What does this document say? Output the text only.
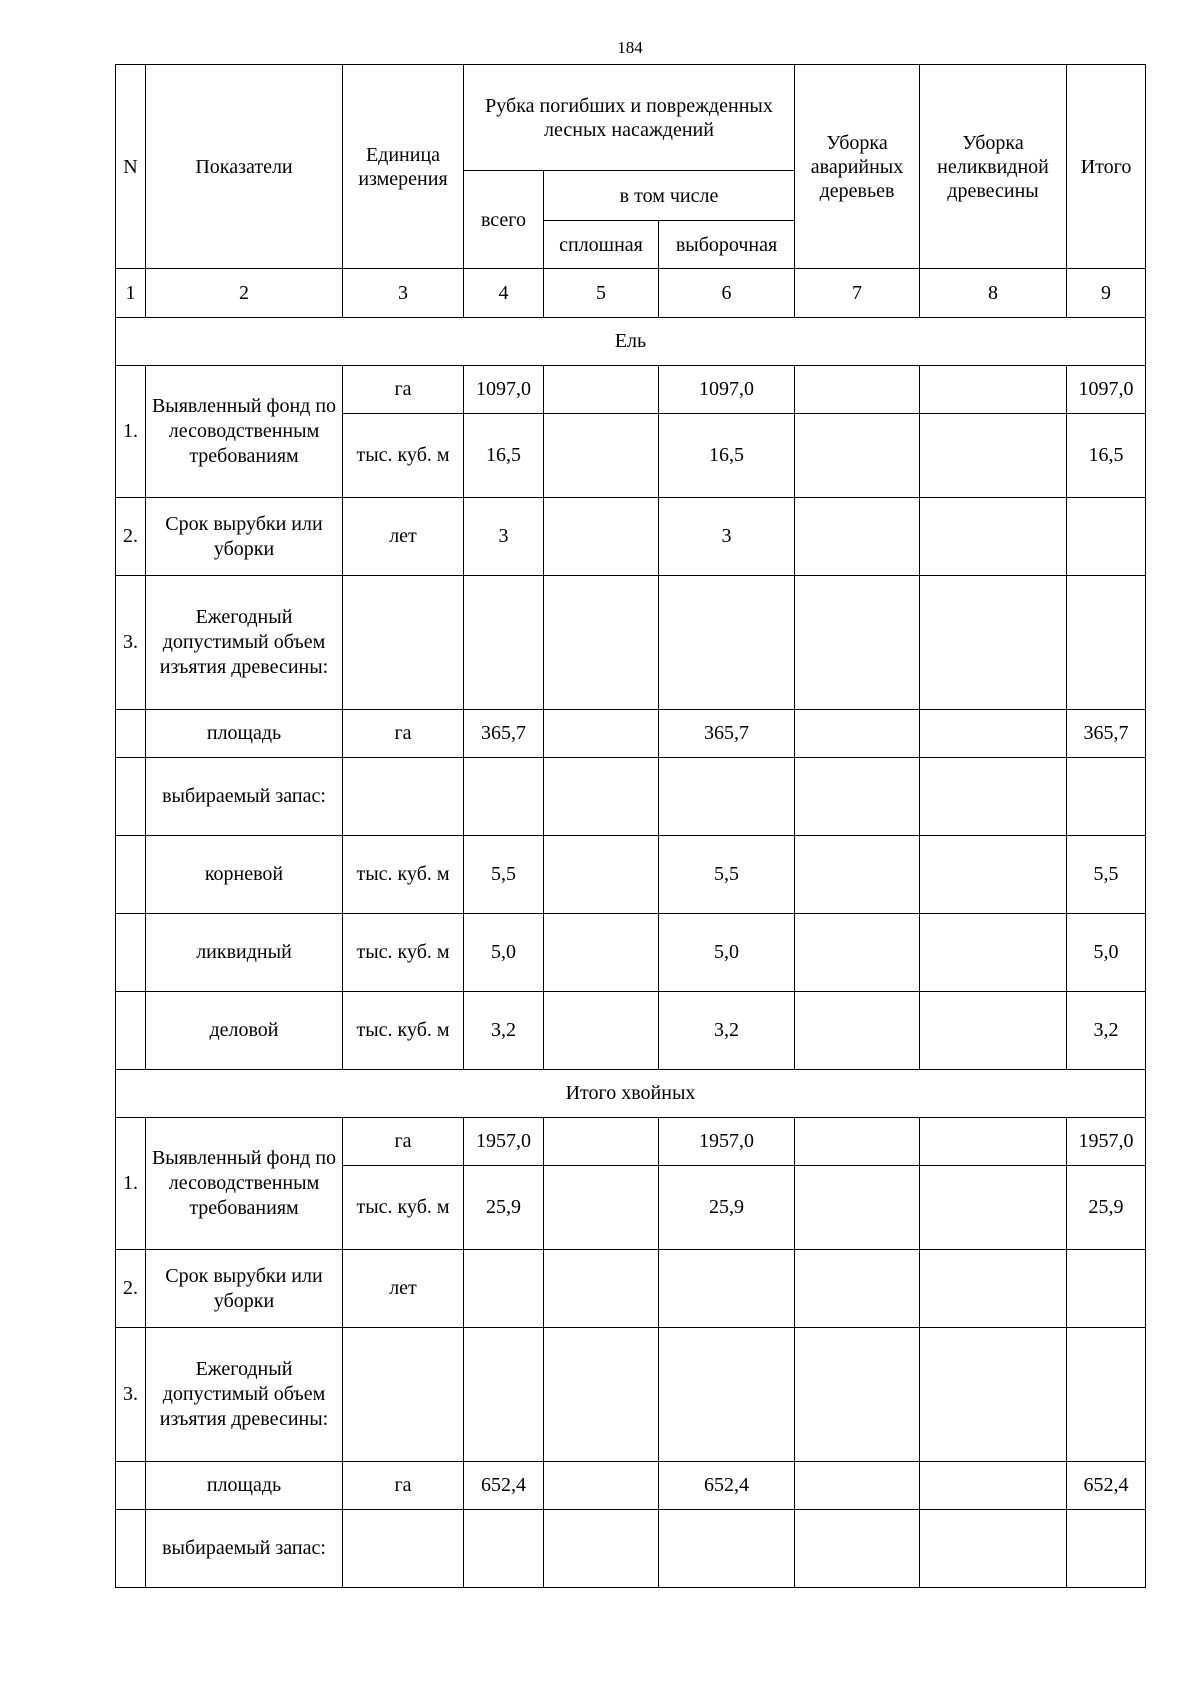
184
N	Показатели	Единица измерения	Рубка погибших и поврежденных лесных насаждений			Уборка аварийных деревьев	Уборка неликвидной древесины	Итого
			всего	в том числе				
				сплошная	выборочная			
1	2	3	4	5	6	7	8	9
Ель								
1.	Выявленный фонд по лесоводственным требованиям	га	1097,0		1097,0			1097,0
		тыс. куб. м	16,5		16,5			16,5
2.	Срок вырубки или уборки	лет	3		3			
3.	Ежегодный допустимый объем изъятия древесины:							
	площадь	га	365,7		365,7			365,7
	выбираемый запас:							
	корневой	тыс. куб. м	5,5		5,5			5,5
	ликвидный	тыс. куб. м	5,0		5,0			5,0
	деловой	тыс. куб. м	3,2		3,2			3,2
Итого хвойных								
1.	Выявленный фонд по лесоводственным требованиям	га	1957,0		1957,0			1957,0
		тыс. куб. м	25,9		25,9			25,9
2.	Срок вырубки или уборки	лет						
3.	Ежегодный допустимый объем изъятия древесины:							
	площадь	га	652,4		652,4			652,4
	выбираемый запас:							
